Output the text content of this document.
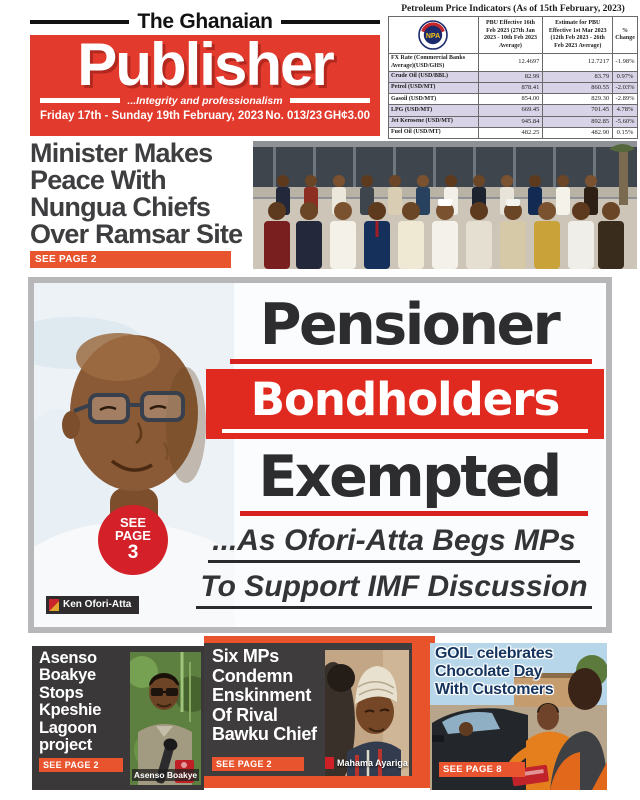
The Ghanaian
Publisher
...Integrity and professionalism
Friday 17th - Sunday 19th February, 2023 No. 013/23 GH¢3.00
Petroleum Price Indicators (As of 15th February, 2023)
NPA	PBU Effective 16th Feb 2023 (27th Jan 2023 - 10th Feb 2023 Average)	Estimate for PBU Effective 1st Mar 2023 (12th Feb 2023 - 26th Feb 2023 Average)	% Change
FX Rate (Commercial Banks Average)(USD/GHS)	12.4697	12.7217	-1.98%
Crude Oil (USD/BBL)	82.99	83.79	0.97%
Petrol (USD/MT)	878.41	860.55	-2.03%
Gasoil (USD/MT)	854.00	829.30	-2.89%
LPG (USD/MT)	669.45	701.45	4.78%
Jet Kerosene (USD/MT)	945.84	892.85	-5.60%
Fuel Oil (USD/MT)	482.25	482.90	0.15%
Minister Makes
Peace With
Nungua Chiefs
Over Ramsar Site
SEE PAGE 2
Pensioner
Bondholders
Exempted
...As Ofori-Atta Begs MPs
To Support IMF Discussion
SEE
PAGE
3
Ken Ofori-Atta
Asenso
Boakye
Stops
Kpeshie
Lagoon
project
SEE PAGE 2
Asenso Boakye
Six MPs
Condemn
Enskinment
Of Rival
Bawku Chief
SEE PAGE 2	Mahama Ayariga
GOIL celebrates
Chocolate Day
With Customers
SEE PAGE 8
